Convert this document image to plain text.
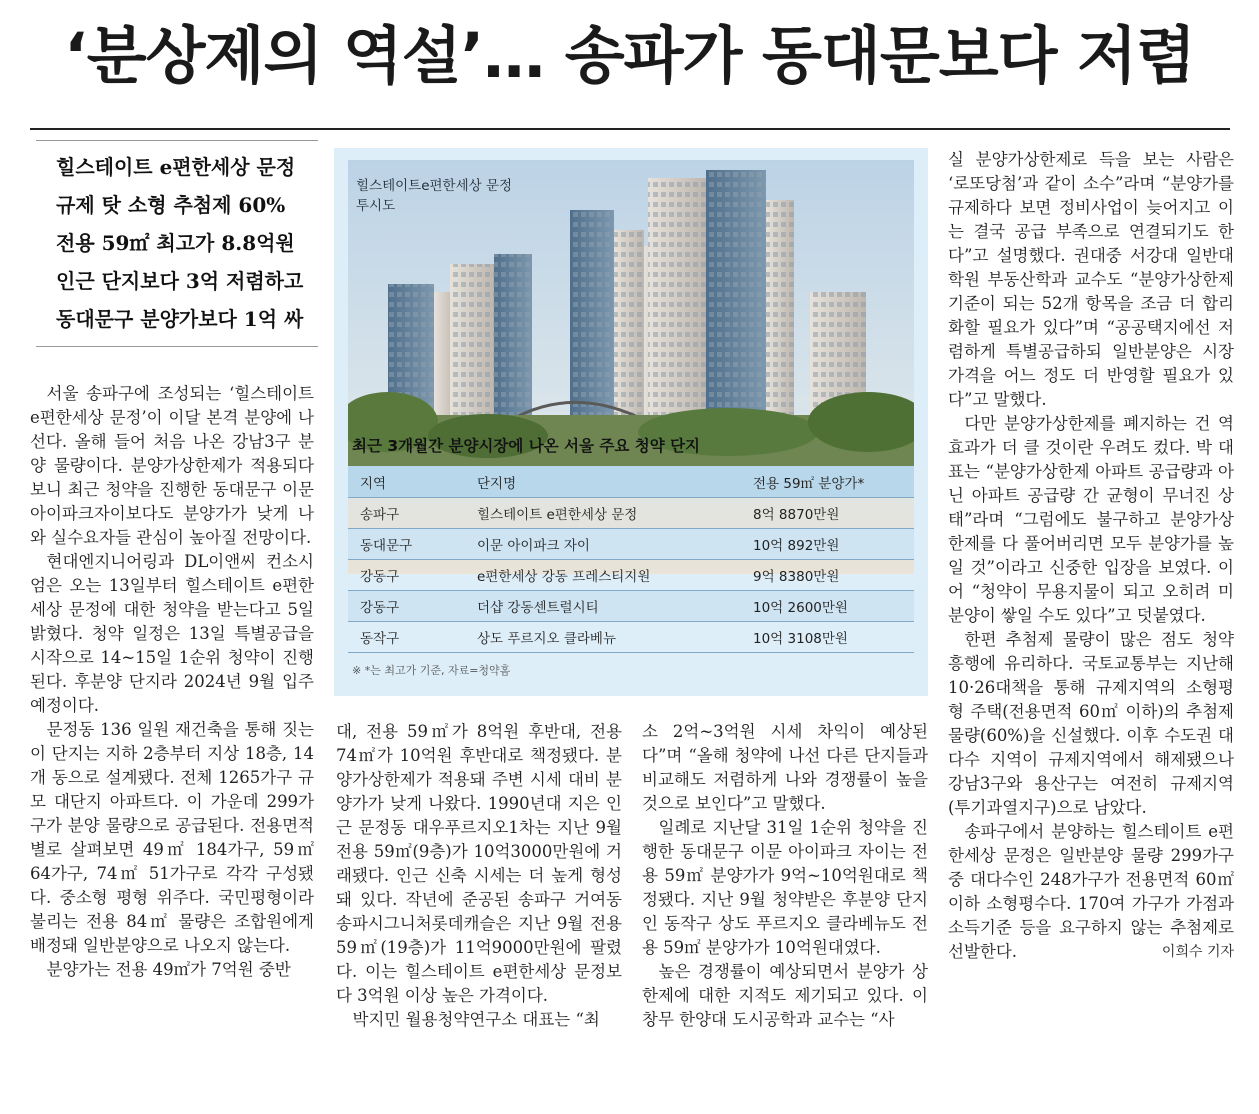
‘분상제의 역설’… 송파가 동대문보다 저렴
힐스테이트 e편한세상 문정
규제 탓 소형 추첨제 60%
전용 59㎡ 최고가 8.8억원
인근 단지보다 3억 저렴하고
동대문구 분양가보다 1억 싸

서울 송파구에 조성되는 ‘힐스테이트 e편한세상 문정’이 이달 본격 분양에 나선다. 올해 들어 처음 나온 강남3구 분양 물량이다. 분양가상한제가 적용되다 보니 최근 청약을 진행한 동대문구 이문 아이파크자이보다도 분양가가 낮게 나와 실수요자들 관심이 높아질 전망이다.

현대엔지니어링과 DL이앤씨 컨소시엄은 오는 13일부터 힐스테이트 e편한세상 문정에 대한 청약을 받는다고 5일 밝혔다. 청약 일정은 13일 특별공급을 시작으로 14~15일 1순위 청약이 진행된다. 후분양 단지라 2024년 9월 입주 예정이다.

문정동 136 일원 재건축을 통해 짓는 이 단지는 지하 2층부터 지상 18층, 14개 동으로 설계됐다. 전체 1265가구 규모 대단지 아파트다. 이 가운데 299가구가 분양 물량으로 공급된다. 전용면적별로 살펴보면 49㎡ 184가구, 59㎡ 64가구, 74㎡ 51가구로 각각 구성됐다. 중소형 평형 위주다. 국민평형이라 불리는 전용 84㎡ 물량은 조합원에게 배정돼 일반분양으로 나오지 않는다.

분양가는 전용 49㎡가 7억원 중반

힐스테이트e편한세상 문정
투시도
최근 3개월간 분양시장에 나온 서울 주요 청약 단지
지역	단지명	전용 59㎡ 분양가*
송파구	힐스테이트 e편한세상 문정	8억 8870만원
동대문구	이문 아이파크 자이	10억 892만원
강동구	e편한세상 강동 프레스티지원	9억 8380만원
강동구	더샵 강동센트럴시티	10억 2600만원
동작구	상도 푸르지오 클라베뉴	10억 3108만원
※ *는 최고가 기준, 자료=청약홈

대, 전용 59㎡가 8억원 후반대, 전용 74㎡가 10억원 후반대로 책정됐다. 분양가상한제가 적용돼 주변 시세 대비 분양가가 낮게 나왔다. 1990년대 지은 인근 문정동 대우푸르지오1차는 지난 9월 전용 59㎡(9층)가 10억3000만원에 거래됐다. 인근 신축 시세는 더 높게 형성돼 있다. 작년에 준공된 송파구 거여동 송파시그니처롯데캐슬은 지난 9월 전용 59㎡(19층)가 11억9000만원에 팔렸다. 이는 힐스테이트 e편한세상 문정보다 3억원 이상 높은 가격이다.

박지민 월용청약연구소 대표는 “최

소 2억~3억원 시세 차익이 예상된다”며 “올해 청약에 나선 다른 단지들과 비교해도 저렴하게 나와 경쟁률이 높을 것으로 보인다”고 말했다.

일례로 지난달 31일 1순위 청약을 진행한 동대문구 이문 아이파크 자이는 전용 59㎡ 분양가가 9억~10억원대로 책정됐다. 지난 9월 청약받은 후분양 단지인 동작구 상도 푸르지오 클라베뉴도 전용 59㎡ 분양가가 10억원대였다.

높은 경쟁률이 예상되면서 분양가 상한제에 대한 지적도 제기되고 있다. 이창무 한양대 도시공학과 교수는 “사

실 분양가상한제로 득을 보는 사람은 ‘로또당첨’과 같이 소수”라며 “분양가를 규제하다 보면 정비사업이 늦어지고 이는 결국 공급 부족으로 연결되기도 한다”고 설명했다. 권대중 서강대 일반대학원 부동산학과 교수도 “분양가상한제 기준이 되는 52개 항목을 조금 더 합리화할 필요가 있다”며 “공공택지에선 저렴하게 특별공급하되 일반분양은 시장 가격을 어느 정도 더 반영할 필요가 있다”고 말했다.

다만 분양가상한제를 폐지하는 건 역효과가 더 클 것이란 우려도 컸다. 박 대표는 “분양가상한제 아파트 공급량과 아닌 아파트 공급량 간 균형이 무너진 상태”라며 “그럼에도 불구하고 분양가상한제를 다 풀어버리면 모두 분양가를 높일 것”이라고 신중한 입장을 보였다. 이어 “청약이 무용지물이 되고 오히려 미분양이 쌓일 수도 있다”고 덧붙였다.

한편 추첨제 물량이 많은 점도 청약 흥행에 유리하다. 국토교통부는 지난해 10·26대책을 통해 규제지역의 소형평형 주택(전용면적 60㎡ 이하)의 추첨제 물량(60%)을 신설했다. 이후 수도권 대다수 지역이 규제지역에서 해제됐으나 강남3구와 용산구는 여전히 규제지역(투기과열지구)으로 남았다.

송파구에서 분양하는 힐스테이트 e편한세상 문정은 일반분양 물량 299가구 중 대다수인 248가구가 전용면적 60㎡ 이하 소형평수다. 170여 가구가 가점과 소득기준 등을 요구하지 않는 추첨제로 선발한다.	이희수 기자
